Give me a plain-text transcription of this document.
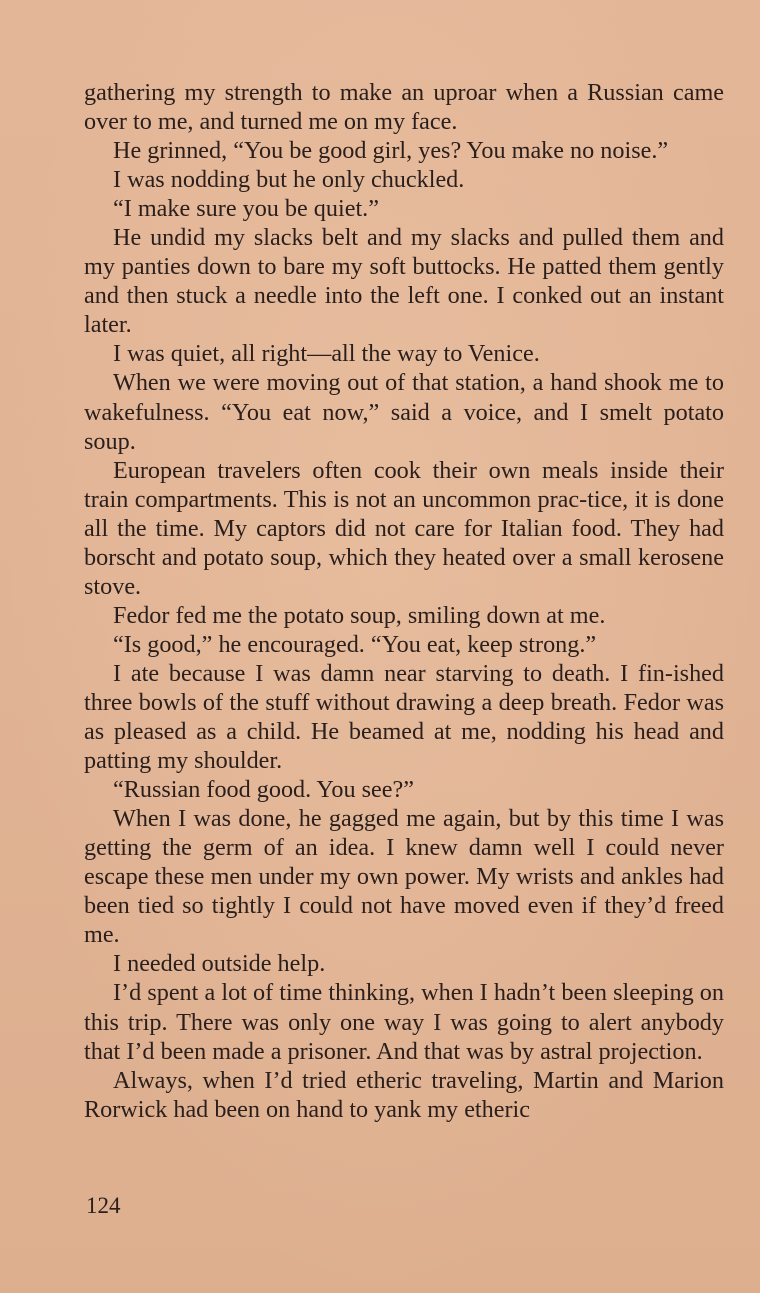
gathering my strength to make an uproar when a Russian came over to me, and turned me on my face.

He grinned, “You be good girl, yes? You make no noise.”

I was nodding but he only chuckled.

“I make sure you be quiet.”

He undid my slacks belt and my slacks and pulled them and my panties down to bare my soft buttocks. He patted them gently and then stuck a needle into the left one. I conked out an instant later.

I was quiet, all right—all the way to Venice.

When we were moving out of that station, a hand shook me to wakefulness. “You eat now,” said a voice, and I smelt potato soup.

European travelers often cook their own meals inside their train compartments. This is not an uncommon prac-tice, it is done all the time. My captors did not care for Italian food. They had borscht and potato soup, which they heated over a small kerosene stove.

Fedor fed me the potato soup, smiling down at me.

“Is good,” he encouraged. “You eat, keep strong.”

I ate because I was damn near starving to death. I fin-ished three bowls of the stuff without drawing a deep breath. Fedor was as pleased as a child. He beamed at me, nodding his head and patting my shoulder.

“Russian food good. You see?”

When I was done, he gagged me again, but by this time I was getting the germ of an idea. I knew damn well I could never escape these men under my own power. My wrists and ankles had been tied so tightly I could not have moved even if they’d freed me.

I needed outside help.

I’d spent a lot of time thinking, when I hadn’t been sleeping on this trip. There was only one way I was going to alert anybody that I’d been made a prisoner. And that was by astral projection.

Always, when I’d tried etheric traveling, Martin and Marion Rorwick had been on hand to yank my etheric

124
